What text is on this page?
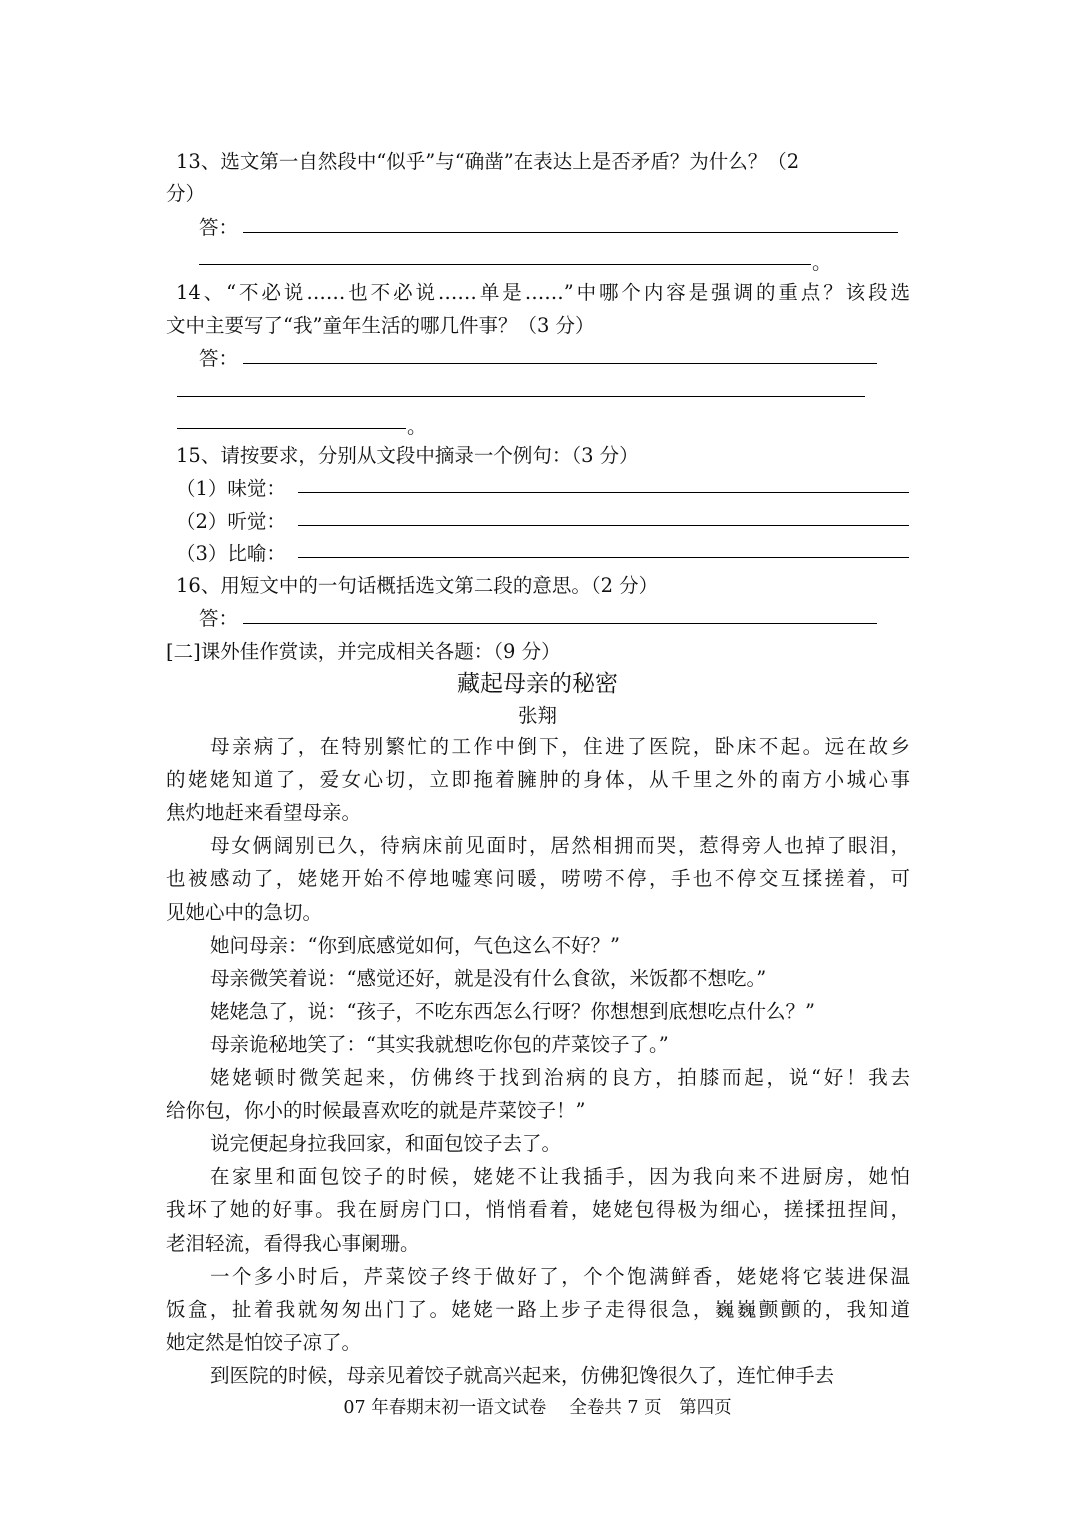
13、选文第一自然段中“似乎”与“确凿”在表达上是否矛盾？为什么？（2
分）
答：
。
14、“不必说……也不必说……单是……”中哪个内容是强调的重点？该段选
文中主要写了“我”童年生活的哪几件事？（3 分）
答：
。
15、请按要求，分别从文段中摘录一个例句：（3 分）
（1）味觉：
（2）听觉：
（3）比喻：
16、用短文中的一句话概括选文第二段的意思。（2 分）
答：
[二]课外佳作赏读，并完成相关各题：（9 分）
藏起母亲的秘密
张翔
母亲病了，在特别繁忙的工作中倒下，住进了医院，卧床不起。远在故乡
的姥姥知道了，爱女心切，立即拖着臃肿的身体，从千里之外的南方小城心事
焦灼地赶来看望母亲。
母女俩阔别已久，待病床前见面时，居然相拥而哭，惹得旁人也掉了眼泪，
也被感动了，姥姥开始不停地嘘寒问暖，唠唠不停，手也不停交互揉搓着，可
见她心中的急切。
她问母亲：“你到底感觉如何，气色这么不好？”
母亲微笑着说：“感觉还好，就是没有什么食欲，米饭都不想吃。”
姥姥急了，说：“孩子，不吃东西怎么行呀？你想想到底想吃点什么？”
母亲诡秘地笑了：“其实我就想吃你包的芹菜饺子了。”
姥姥顿时微笑起来，仿佛终于找到治病的良方，拍膝而起，说“好！我去
给你包，你小的时候最喜欢吃的就是芹菜饺子！”
说完便起身拉我回家，和面包饺子去了。
在家里和面包饺子的时候，姥姥不让我插手，因为我向来不进厨房，她怕
我坏了她的好事。我在厨房门口，悄悄看着，姥姥包得极为细心，搓揉扭捏间，
老泪轻流，看得我心事阑珊。
一个多小时后，芹菜饺子终于做好了，个个饱满鲜香，姥姥将它装进保温
饭盒，扯着我就匆匆出门了。姥姥一路上步子走得很急，巍巍颤颤的，我知道
她定然是怕饺子凉了。
到医院的时候，母亲见着饺子就高兴起来，仿佛犯馋很久了，连忙伸手去
07 年春期末初一语文试卷　 全卷共 7 页　第四页
